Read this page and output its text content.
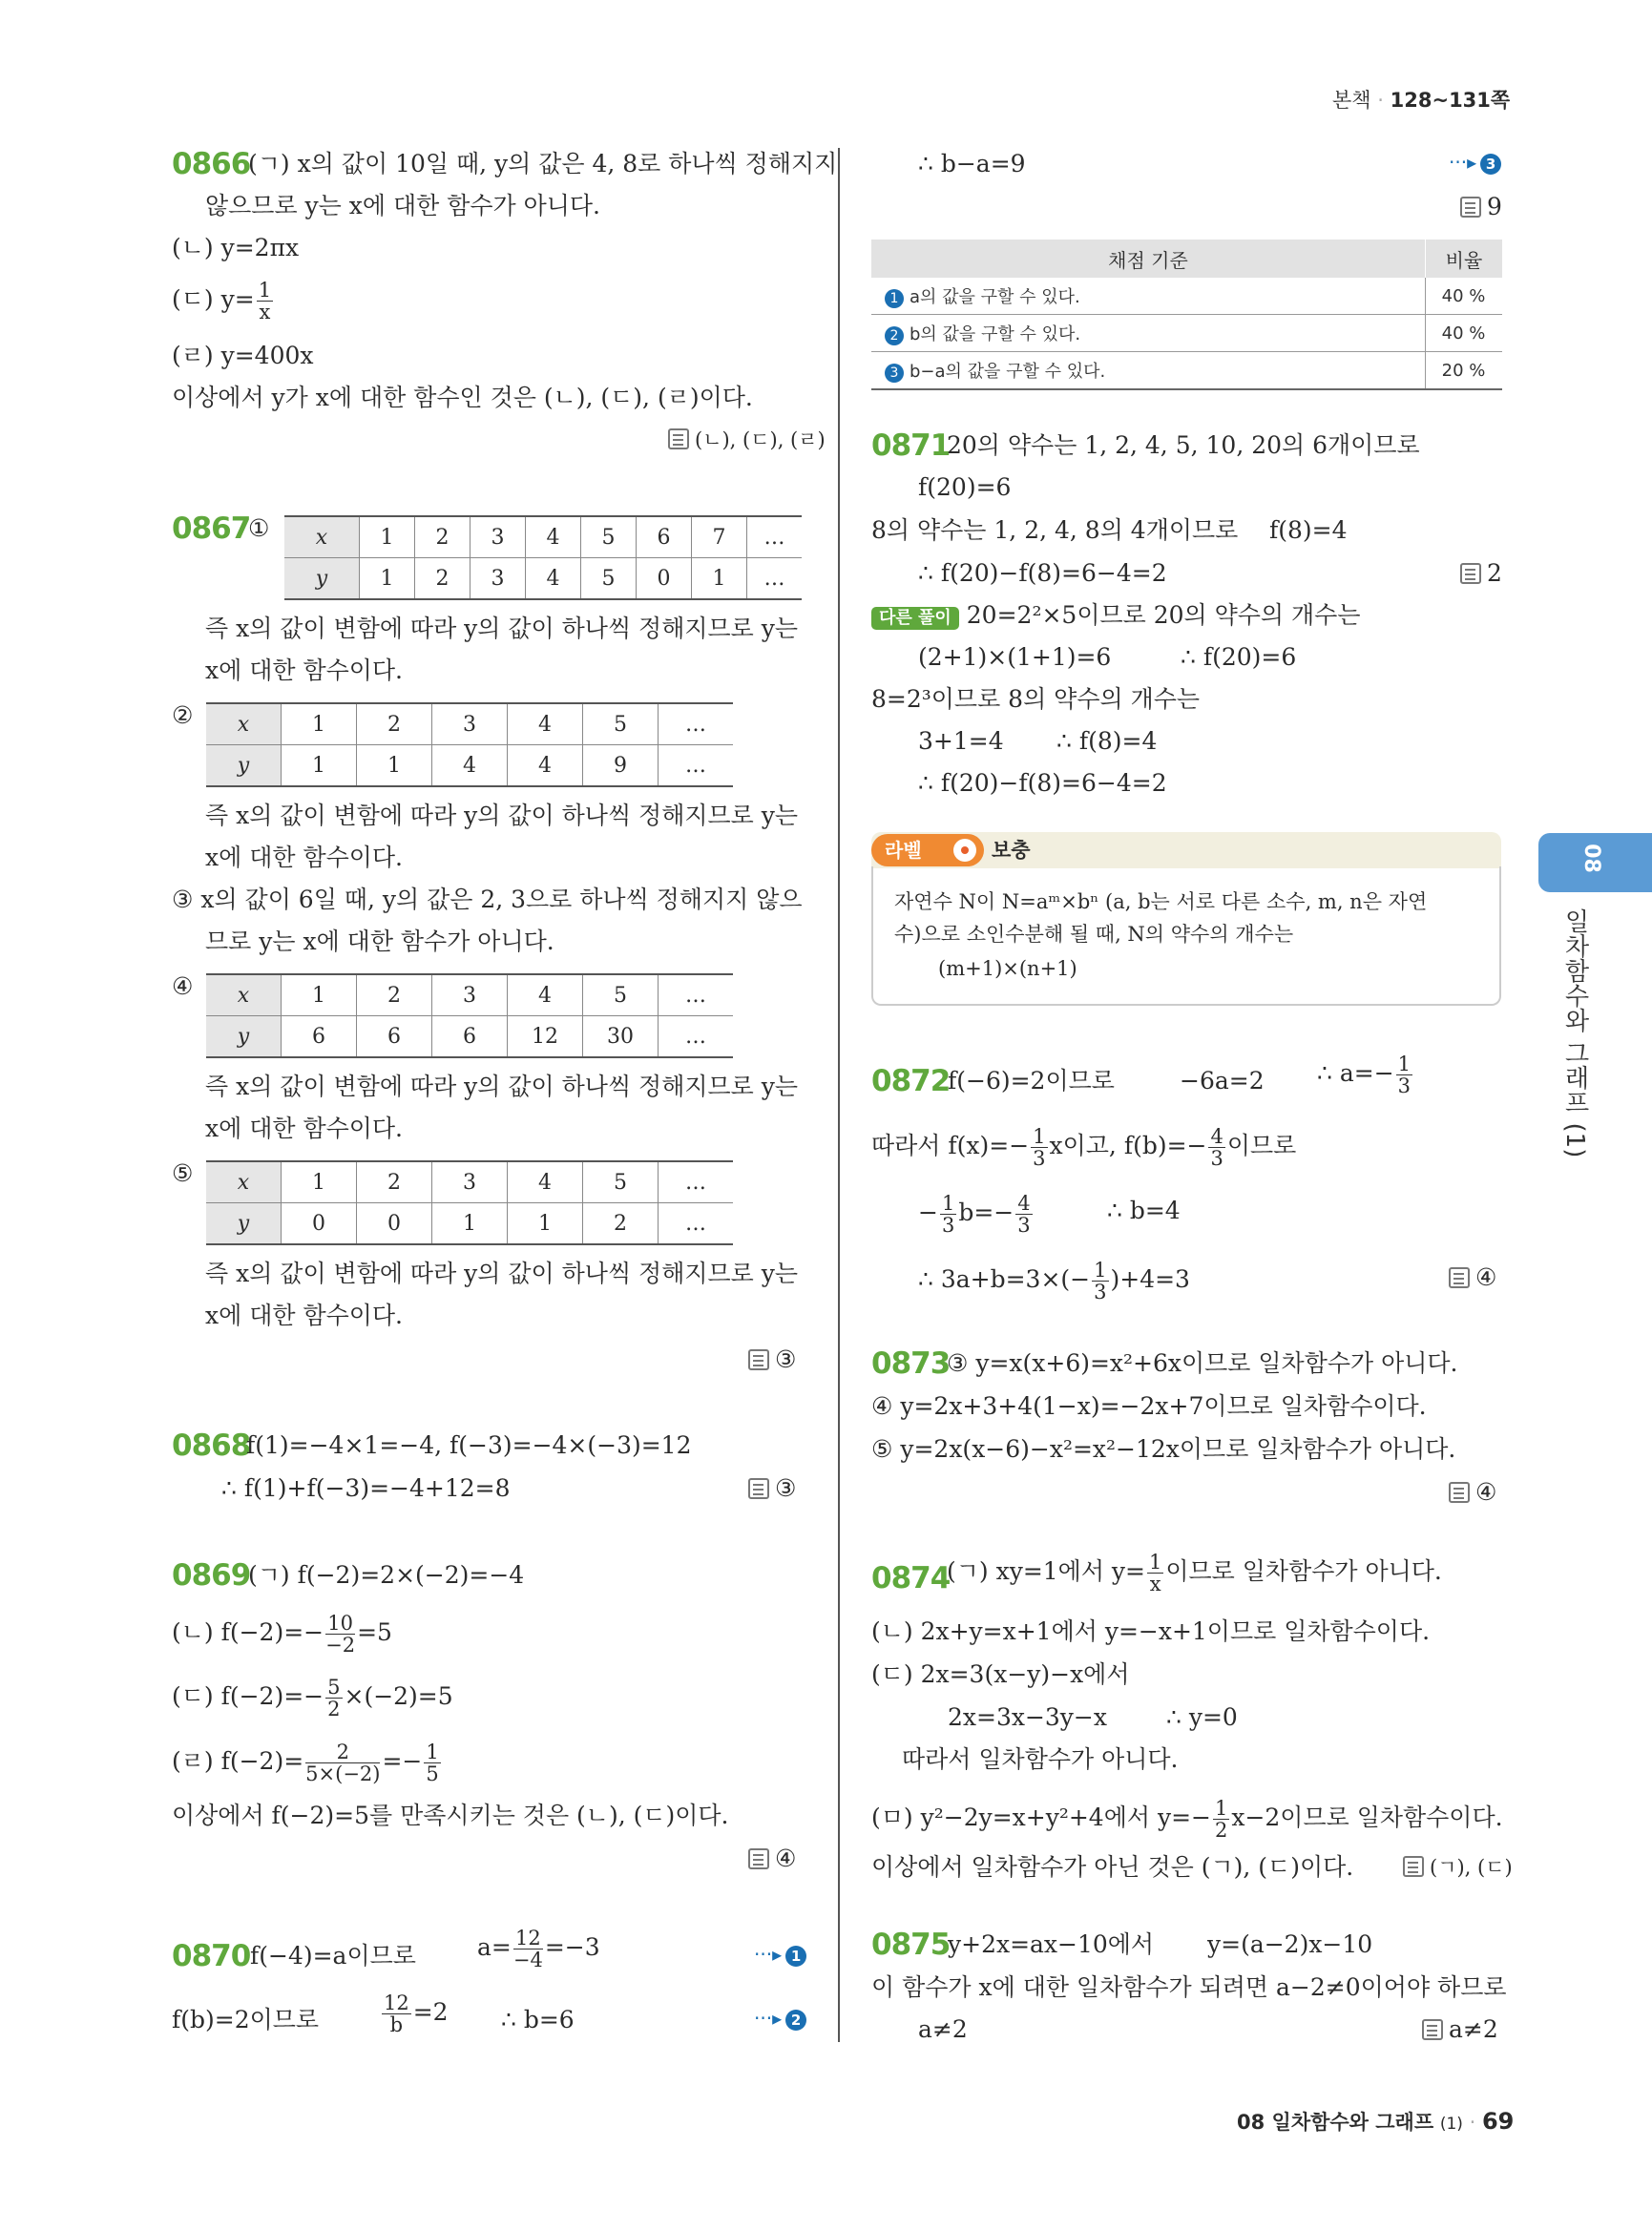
본책 · 128~131쪽
0866
(ㄱ) x의 값이 10일 때, y의 값은 4, 8로 하나씩 정해지지
않으므로 y는 x에 대한 함수가 아니다.
(ㄴ) y=2πx
(ㄷ) $y= \frac{1}{x}$
(ㄹ) y=400x
이상에서 y가 x에 대한 함수인 것은 (ㄴ), (ㄷ), (ㄹ)이다.
(ㄴ), (ㄷ), (ㄹ)
0867
① x	1	2	3	4	5	6	7	…
y	1	2	3	4	5	0	1	…
즉 x의 값이 변함에 따라 y의 값이 하나씩 정해지므로 y는
x에 대한 함수이다.
② x	1	2	3	4	5	…
y	1	1	4	4	9	…
즉 x의 값이 변함에 따라 y의 값이 하나씩 정해지므로 y는
x에 대한 함수이다.
③ x의 값이 6일 때, y의 값은 2, 3으로 하나씩 정해지지 않으
므로 y는 x에 대한 함수가 아니다.
④ x	1	2	3	4	5	…
y	6	6	6	12	30	…
즉 x의 값이 변함에 따라 y의 값이 하나씩 정해지므로 y는
x에 대한 함수이다.
⑤ x	1	2	3	4	5	…
y	0	0	1	1	2	…
즉 x의 값이 변함에 따라 y의 값이 하나씩 정해지므로 y는
x에 대한 함수이다.
③
0868
f(1)=−4×1=−4, f(−3)=−4×(−3)=12
∴ f(1)+f(−3)=−4+12=8	③
0869
(ㄱ) f(−2)=2×(−2)=−4
(ㄴ) $f(-2)=- \frac{10}{-2} =5$
(ㄷ) $f(-2)=- \frac{5}{2} \times(-2)=5$
(ㄹ) $f(-2)= \frac{2}{5\times(-2)} =- \frac{1}{5}$
이상에서 f(−2)=5를 만족시키는 것은 (ㄴ), (ㄷ)이다.
④
0870 f(−4)=a이므로	$a= \frac{12}{-4} =-3$	···▸ 1
f(b)=2이므로	$\frac{12}{b} =2$ ∴ b=6	···▸ 2
∴ b−a=9	···▸ 3
9
채점 기준	비율
1 a의 값을 구할 수 있다.	40 %
2 b의 값을 구할 수 있다.	40 %
3 b−a의 값을 구할 수 있다.	20 %
0871
20의 약수는 1, 2, 4, 5, 10, 20의 6개이므로
f(20)=6
8의 약수는 1, 2, 4, 8의 4개이므로 f(8)=4
∴ f(20)−f(8)=6−4=2	2
다른 풀이 20=2²×5이므로 20의 약수의 개수는
(2+1)×(1+1)=6	∴ f(20)=6
8=2³이므로 8의 약수의 개수는
3+1=4 ∴ f(8)=4
∴ f(20)−f(8)=6−4=2
라벨	보충
자연수 N이 N=aᵐ×bⁿ (a, b는 서로 다른 소수, m, n은 자연
수)으로 소인수분해 될 때, N의 약수의 개수는
(m+1)×(n+1)
0872
f(−6)=2이므로	−6a=2 ∴ $a=- \frac{1}{3}$
따라서 $f(x)=- \frac{1}{3}$ x이고, $f(b)=- \frac{4}{3}$ 이므로
− $\frac{1}{3} b=- \frac{4}{3}$	∴ b=4
∴ $3a+b=3\times(- \frac{1}{3} )+4=3$	④
0873
③ y=x(x+6)=x²+6x이므로 일차함수가 아니다.
④ y=2x+3+4(1−x)=−2x+7이므로 일차함수이다.
⑤ y=2x(x−6)−x²=x²−12x이므로 일차함수가 아니다.
④
0874
(ㄱ) xy=1에서 $y= \frac{1}{x}$ 이므로 일차함수가 아니다.
(ㄴ) 2x+y=x+1에서 y=−x+1이므로 일차함수이다.
(ㄷ) 2x=3(x−y)−x에서
2x=3x−3y−x ∴ y=0
따라서 일차함수가 아니다.
(ㅁ) y²−2y=x+y²+4에서 $y=- \frac{1}{2} x-2$이므로 일차함수이다.
이상에서 일차함수가 아닌 것은 (ㄱ), (ㄷ)이다.	(ㄱ), (ㄷ)
0875
y+2x=ax−10에서 y=(a−2)x−10
이 함수가 x에 대한 일차함수가 되려면 a−2≠0이어야 하므로
a≠2	a≠2
08
일차함수와 그래프 (1)
08 일차함수와 그래프 (1) · 69
